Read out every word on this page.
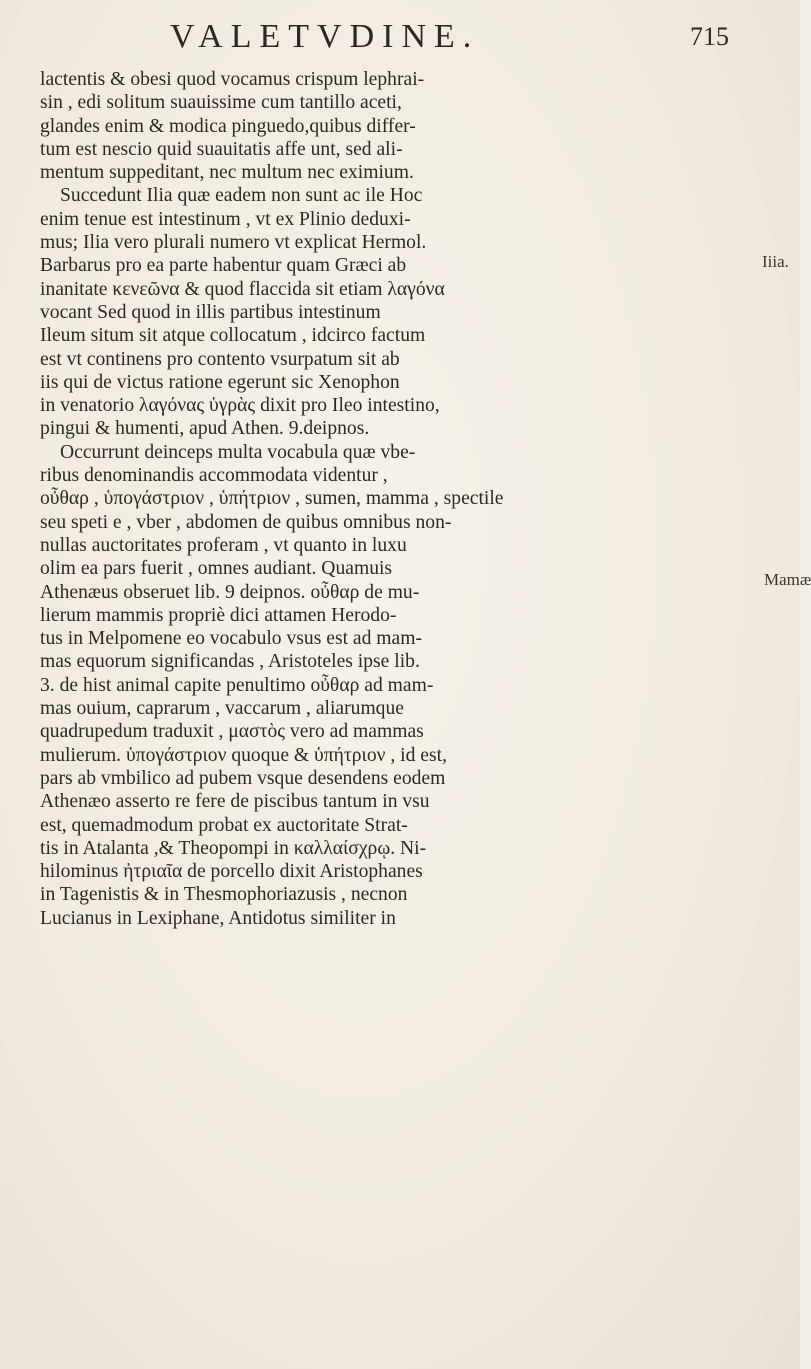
VALETVDINE.	715
lactentis & obesi quod vocamus crispum lephrai-
sin , edi solitum suauissime cum tantillo aceti,
glandes enim & modica pinguedo,quibus differ-
tum est nescio quid suauitatis affe unt, sed ali-
mentum suppeditant, nec multum nec eximium.
Succedunt Ilia quæ eadem non sunt ac ile Hoc
enim tenue est intestinum , vt ex Plinio deduxi-
mus; Ilia vero plurali numero vt explicat Hermol.
Barbarus pro ea parte habentur quam Græci ab
inanitate κενεῶνα & quod flaccida sit etiam λαγόνα
vocant Sed quod in illis partibus intestinum
Ileum situm sit atque collocatum , idcirco factum
est vt continens pro contento vsurpatum sit ab
iis qui de victus ratione egerunt sic Xenophon
in venatorio λαγόνας ὑγρὰς dixit pro Ileo intestino,
pingui & humenti, apud Athen. 9.deipnos.
Occurrunt deinceps multa vocabula quæ vbe-
ribus denominandis accommodata videntur ,
οὖθαρ , ὑπογάστριον , ὑπήτριον , sumen, mamma , spectile
seu speti e , vber , abdomen de quibus omnibus non-
nullas auctoritates proferam , vt quanto in luxu
olim ea pars fuerit , omnes audiant. Quamuis
Athenæus obseruet lib. 9 deipnos. οὖθαρ de mu-
lierum mammis propriè dici attamen Herodo-
tus in Melpomene eo vocabulo vsus est ad mam-
mas equorum significandas , Aristoteles ipse lib.
3. de hist animal capite penultimo οὖθαρ ad mam-
mas ouium, caprarum , vaccarum , aliarumque
quadrupedum traduxit , μαστὸς vero ad mammas
mulierum. ὑπογάστριον quoque & ὑπήτριον , id est,
pars ab vmbilico ad pubem vsque desendens eodem
Athenæo asserto re fere de piscibus tantum in vsu
est, quemadmodum probat ex auctoritate Strat-
tis in Atalanta ,& Theopompi in καλλαίσχρῳ. Ni-
hilominus ἠτριαῖα de porcello dixit Aristophanes
in Tagenistis & in Thesmophoriazusis , necnon
Lucianus in Lexiphane, Antidotus similiter in
Iiia.
Mamæ
